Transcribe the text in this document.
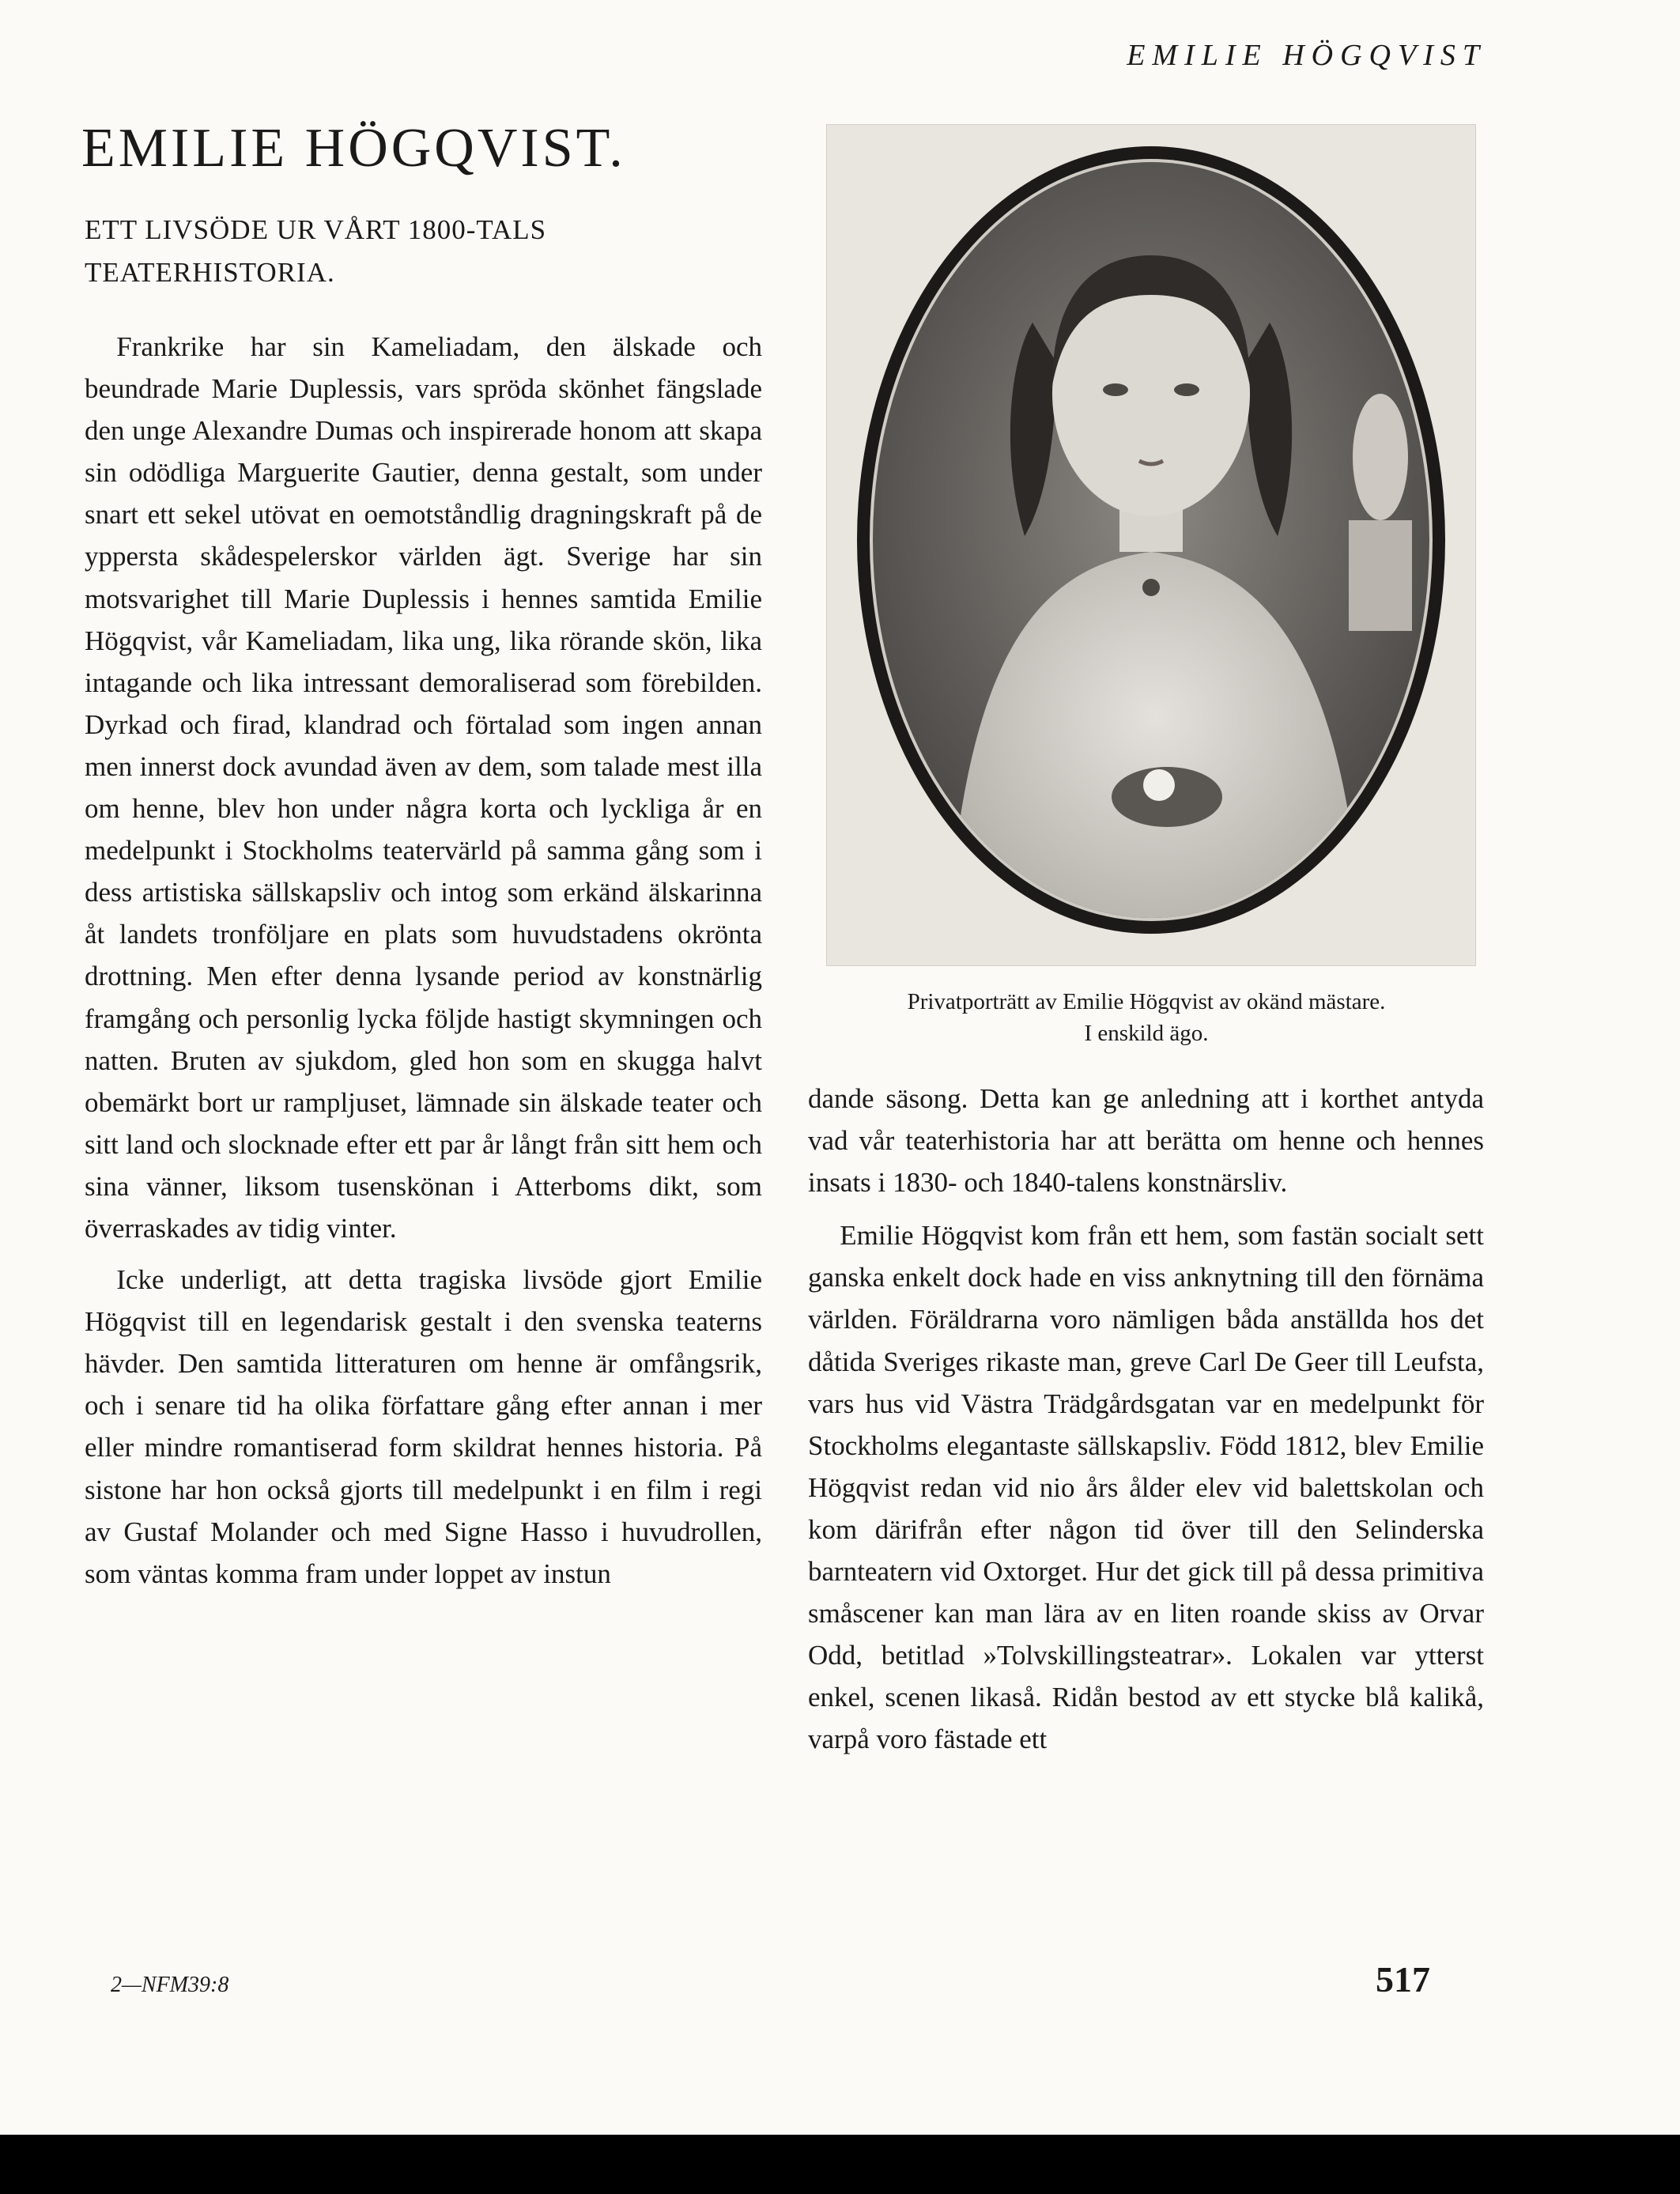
EMILIE HÖGQVIST

EMILIE HÖGQVIST.

ETT LIVSÖDE UR VÅRT 1800-TALS TEATERHISTORIA.

Frankrike har sin Kameliadam, den älskade och beundrade Marie Duplessis, vars spröda skönhet fängslade den unge Alexandre Dumas och inspirerade honom att skapa sin odödliga Marguerite Gautier, denna gestalt, som under snart ett sekel utövat en oemotståndlig dragningskraft på de yppersta skådespelerskor världen ägt. Sverige har sin motsvarighet till Marie Duplessis i hennes samtida Emilie Högqvist, vår Kameliadam, lika ung, lika rörande skön, lika intagande och lika intressant demoraliserad som förebilden. Dyrkad och firad, klandrad och förtalad som ingen annan men innerst dock avundad även av dem, som talade mest illa om henne, blev hon under några korta och lyckliga år en medelpunkt i Stockholms teatervärld på samma gång som i dess artistiska sällskapsliv och intog som erkänd älskarinna åt landets tronföljare en plats som huvudstadens okrönta drottning. Men efter denna lysande period av konstnärlig framgång och personlig lycka följde hastigt skymningen och natten. Bruten av sjukdom, gled hon som en skugga halvt obemärkt bort ur rampljuset, lämnade sin älskade teater och sitt land och slocknade efter ett par år långt från sitt hem och sina vänner, liksom tusenskönan i Atterboms dikt, som överraskades av tidig vinter.

Icke underligt, att detta tragiska livsöde gjort Emilie Högqvist till en legendarisk gestalt i den svenska teaterns hävder. Den samtida litteraturen om henne är omfångsrik, och i senare tid ha olika författare gång efter annan i mer eller mindre romantiserad form skildrat hennes historia. På sistone har hon också gjorts till medelpunkt i en film i regi av Gustaf Molander och med Signe Hasso i huvudrollen, som väntas komma fram under loppet av instun

Privatporträtt av Emilie Högqvist av okänd mästare.
I enskild ägo.

dande säsong. Detta kan ge anledning att i korthet antyda vad vår teaterhistoria har att berätta om henne och hennes insats i 1830- och 1840-talens konstnärsliv.

Emilie Högqvist kom från ett hem, som fastän socialt sett ganska enkelt dock hade en viss anknytning till den förnäma världen. Föräldrarna voro nämligen båda anställda hos det dåtida Sveriges rikaste man, greve Carl De Geer till Leufsta, vars hus vid Västra Trädgårdsgatan var en medelpunkt för Stockholms elegantaste sällskapsliv. Född 1812, blev Emilie Högqvist redan vid nio års ålder elev vid balettskolan och kom därifrån efter någon tid över till den Selinderska barnteatern vid Oxtorget. Hur det gick till på dessa primitiva småscener kan man lära av en liten roande skiss av Orvar Odd, betitlad »Tolvskillingsteatrar». Lokalen var ytterst enkel, scenen likaså. Ridån bestod av ett stycke blå kalikå, varpå voro fästade ett

2—NFM39:8	517
